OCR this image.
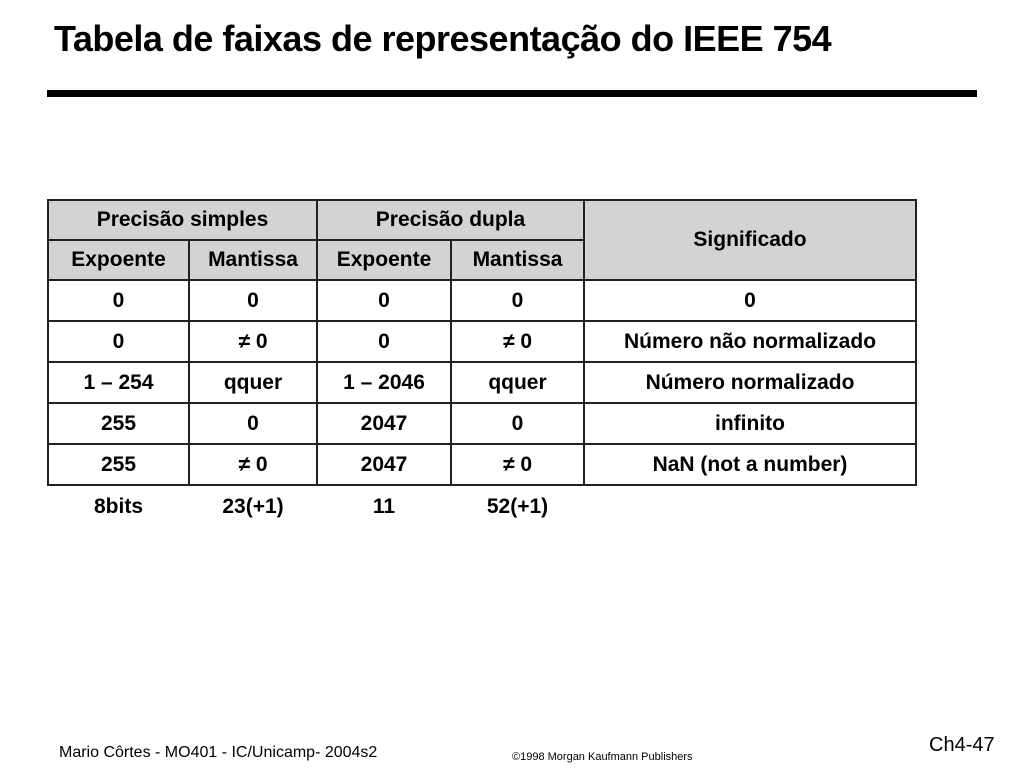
Tabela de faixas de representação do IEEE 754
Precisão simples		Precisão dupla		Significado
Expoente	Mantissa	Expoente	Mantissa	
0	0	0	0	0
0	≠ 0	0	≠ 0	Número não normalizado
1 – 254	qquer	1 – 2046	qquer	Número normalizado
255	0	2047	0	infinito
255	≠ 0	2047	≠ 0	NaN (not a number)
8bits	23(+1)	11	52(+1)	
Mario Côrtes - MO401 - IC/Unicamp- 2004s2	©1998 Morgan Kaufmann Publishers
Ch4-47
